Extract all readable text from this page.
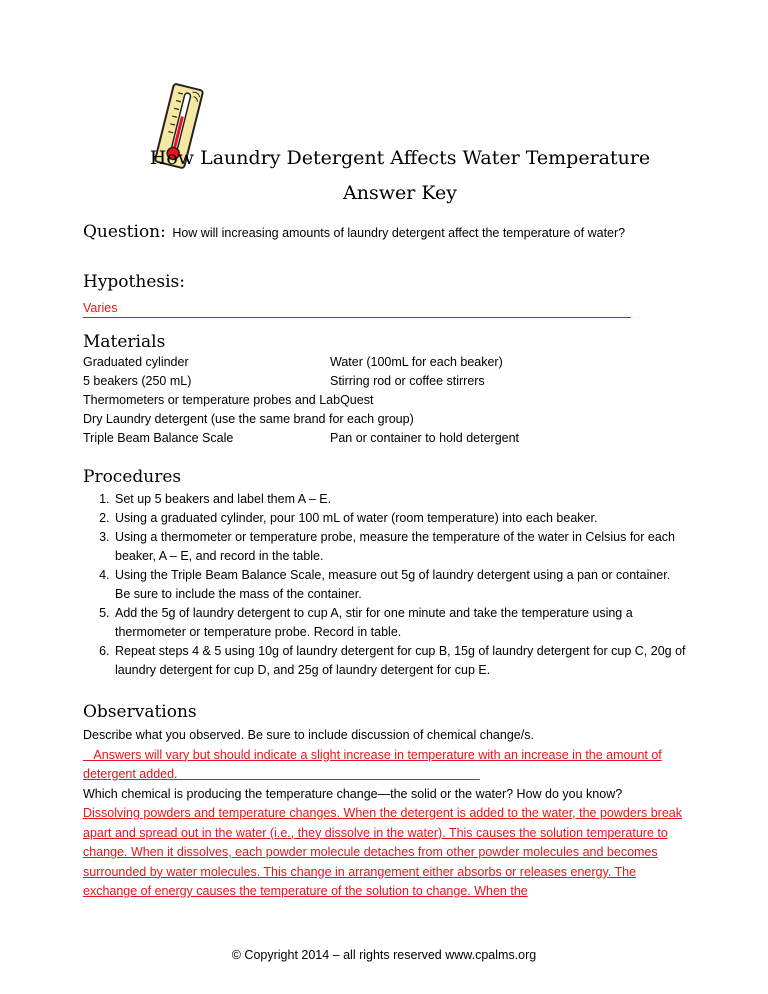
How Laundry Detergent Affects Water Temperature
Answer Key
Question: How will increasing amounts of laundry detergent affect the temperature of water?
Hypothesis:
Varies
Materials
Graduated cylinder	Water (100mL for each beaker)
5 beakers (250 mL)	Stirring rod or coffee stirrers
Thermometers or temperature probes and LabQuest
Dry Laundry detergent (use the same brand for each group)
Triple Beam Balance Scale	Pan or container to hold detergent
Procedures
1. Set up 5 beakers and label them A – E.
2. Using a graduated cylinder, pour 100 mL of water (room temperature) into each beaker.
3. Using a thermometer or temperature probe, measure the temperature of the water in Celsius for each beaker, A – E, and record in the table.
4. Using the Triple Beam Balance Scale, measure out 5g of laundry detergent using a pan or container. Be sure to include the mass of the container.
5. Add the 5g of laundry detergent to cup A, stir for one minute and take the temperature using a thermometer or temperature probe. Record in table.
6. Repeat steps 4 & 5 using 10g of laundry detergent for cup B, 15g of laundry detergent for cup C, 20g of laundry detergent for cup D, and 25g of laundry detergent for cup E.
Observations

Describe what you observed. Be sure to include discussion of chemical change/s.

Answers will vary but should indicate a slight increase in temperature with an increase in the amount of detergent added.

Which chemical is producing the temperature change—the solid or the water? How do you know?

Dissolving powders and temperature changes. When the detergent is added to the water, the powders break apart and spread out in the water (i.e., they dissolve in the water). This causes the solution temperature to change. When it dissolves, each powder molecule detaches from other powder molecules and becomes surrounded by water molecules. This change in arrangement either absorbs or releases energy. The exchange of energy causes the temperature of the solution to change. When the

© Copyright 2014 – all rights reserved www.cpalms.org
